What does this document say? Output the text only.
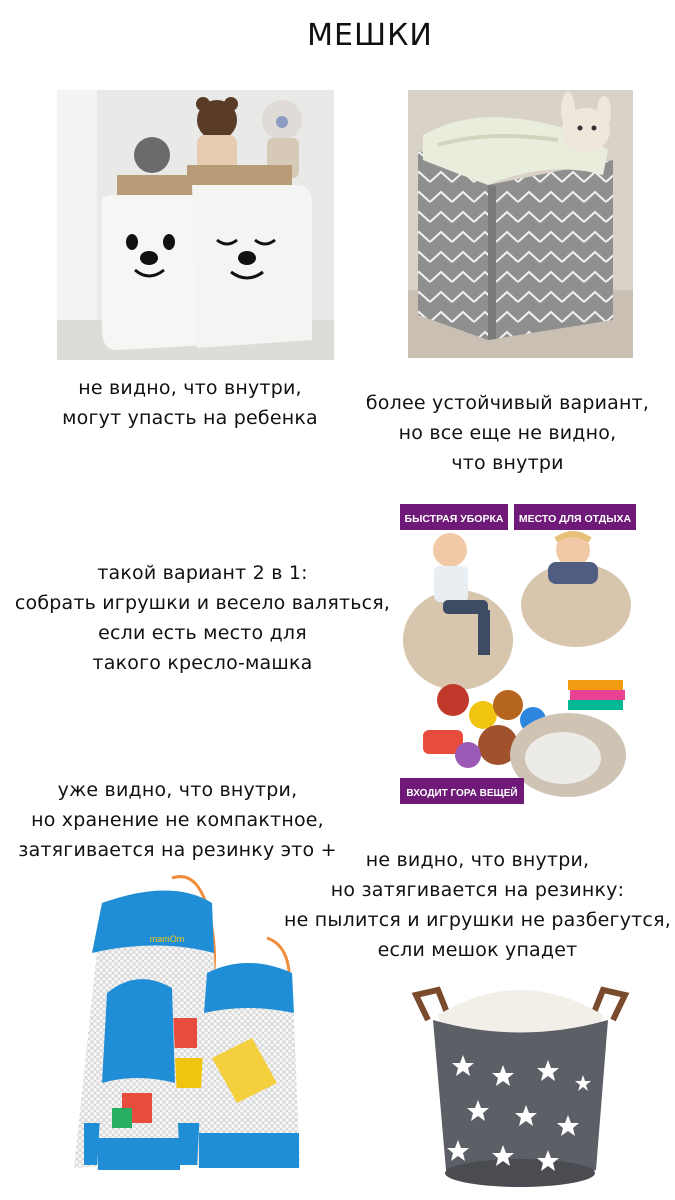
МЕШКИ
не видно, что внутри,
могут упасть на ребенка
более устойчивый вариант,
но все еще не видно,
что внутри
БЫСТРАЯ УБОРКА МЕСТО ДЛЯ ОТДЫХА
ВХОДИТ ГОРА ВЕЩЕЙ
такой вариант 2 в 1:
собрать игрушки и весело валяться,
если есть место для
такого кресло-машка
уже видно, что внутри,
но хранение не компактное,
затягивается на резинку это +
mamOm
не видно, что внутри,
но затягивается на резинку:
не пылится и игрушки не разбегутся,
если мешок упадет
